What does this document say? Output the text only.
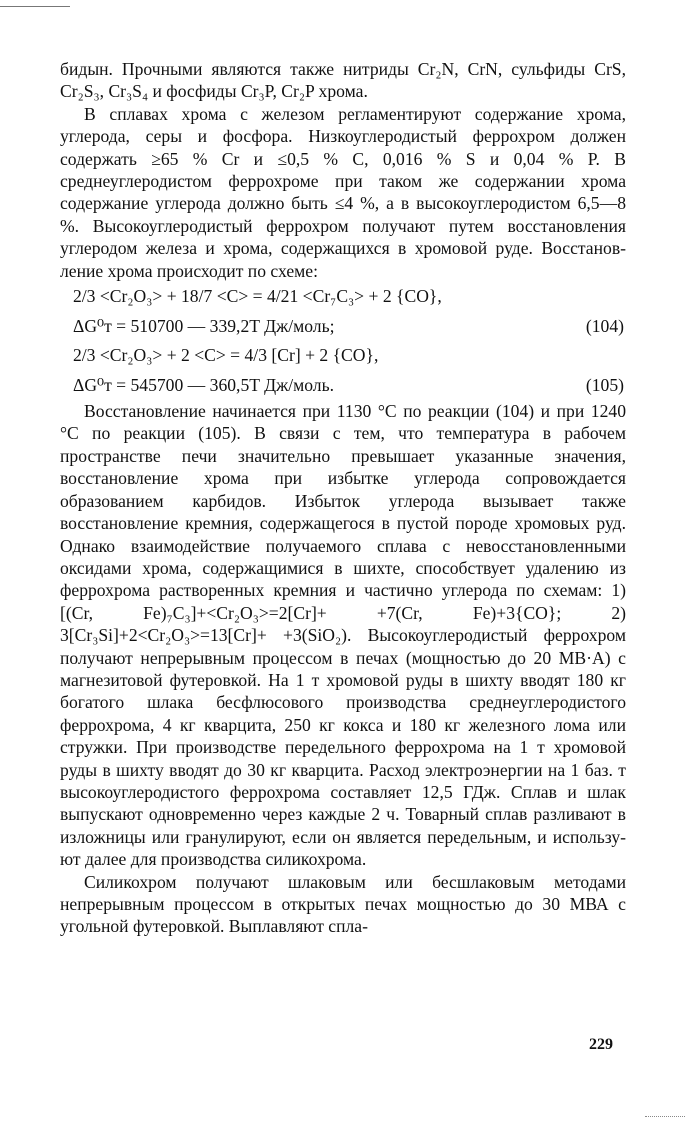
бидын. Прочными являются также нитриды Cr₂N, CrN, сульфиды CrS, Cr₂S₃, Cr₃S₄ и фосфиды Cr₃P, Cr₂P хрома.

В сплавах хрома с железом регламентируют содержание хрома, углерода, серы и фосфора. Низкоуглеродистый феррохром должен содержать ≥65 % Cr и ≤0,5 % C, 0,016 % S и 0,04 % P. В среднеуглеродистом феррохроме при таком же содержании хрома содержание углерода должно быть ≤4 %, а в высокоуглеродистом 6,5—8 %. Высокоуглеродистый феррохром получают путем восстановления углеродом железа и хрома, содержащихся в хромовой руде. Восстановление хрома происходит по схеме:

2/3 <Cr₂O₃> + 18/7 <C> = 4/21 <Cr₇C₃> + 2 {CO},
ΔG⁰ᴛ = 510700 — 339,2T Дж/моль;	(104)
2/3 <Cr₂O₃> + 2 <C> = 4/3 [Cr] + 2 {CO},
ΔG⁰ᴛ = 545700 — 360,5T Дж/моль.	(105)

Восстановление начинается при 1130 °C по реакции (104) и при 1240 °C по реакции (105). В связи с тем, что температура в рабочем пространстве печи значительно превышает указанные значения, восстановление хрома при избытке углерода сопровождается образованием карбидов. Избыток углерода вызывает также восстановление кремния, содержащегося в пустой породе хромовых руд. Однако взаимодействие получаемого сплава с невосстановленными оксидами хрома, содержащимися в шихте, способствует удалению из феррохрома растворенных кремния и частично углерода по схемам: 1) [(Cr, Fe)₇C₃]+<Cr₂O₃>=2[Cr]+ +7(Cr, Fe)+3{CO}; 2) 3[Cr₃Si]+2<Cr₂O₃>=13[Cr]+ +3(SiO₂). Высокоуглеродистый феррохром получают непрерывным процессом в печах (мощностью до 20 МВ·А) с магнезитовой футеровкой. На 1 т хромовой руды в шихту вводят 180 кг богатого шлака бесфлюсового производства среднеуглеродистого феррохрома, 4 кг кварцита, 250 кг кокса и 180 кг железного лома или стружки. При производстве передельного феррохрома на 1 т хромовой руды в шихту вводят до 30 кг кварцита. Расход электроэнергии на 1 баз. т высокоуглеродистого феррохрома составляет 12,5 ГДж. Сплав и шлак выпускают одновременно через каждые 2 ч. Товарный сплав разливают в изложницы или гранулируют, если он является передельным, и используют далее для производства силикохрома.

Силикохром получают шлаковым или бесшлаковым методами непрерывным процессом в открытых печах мощностью до 30 МВА с угольной футеровкой. Выплавляют спла-

229
